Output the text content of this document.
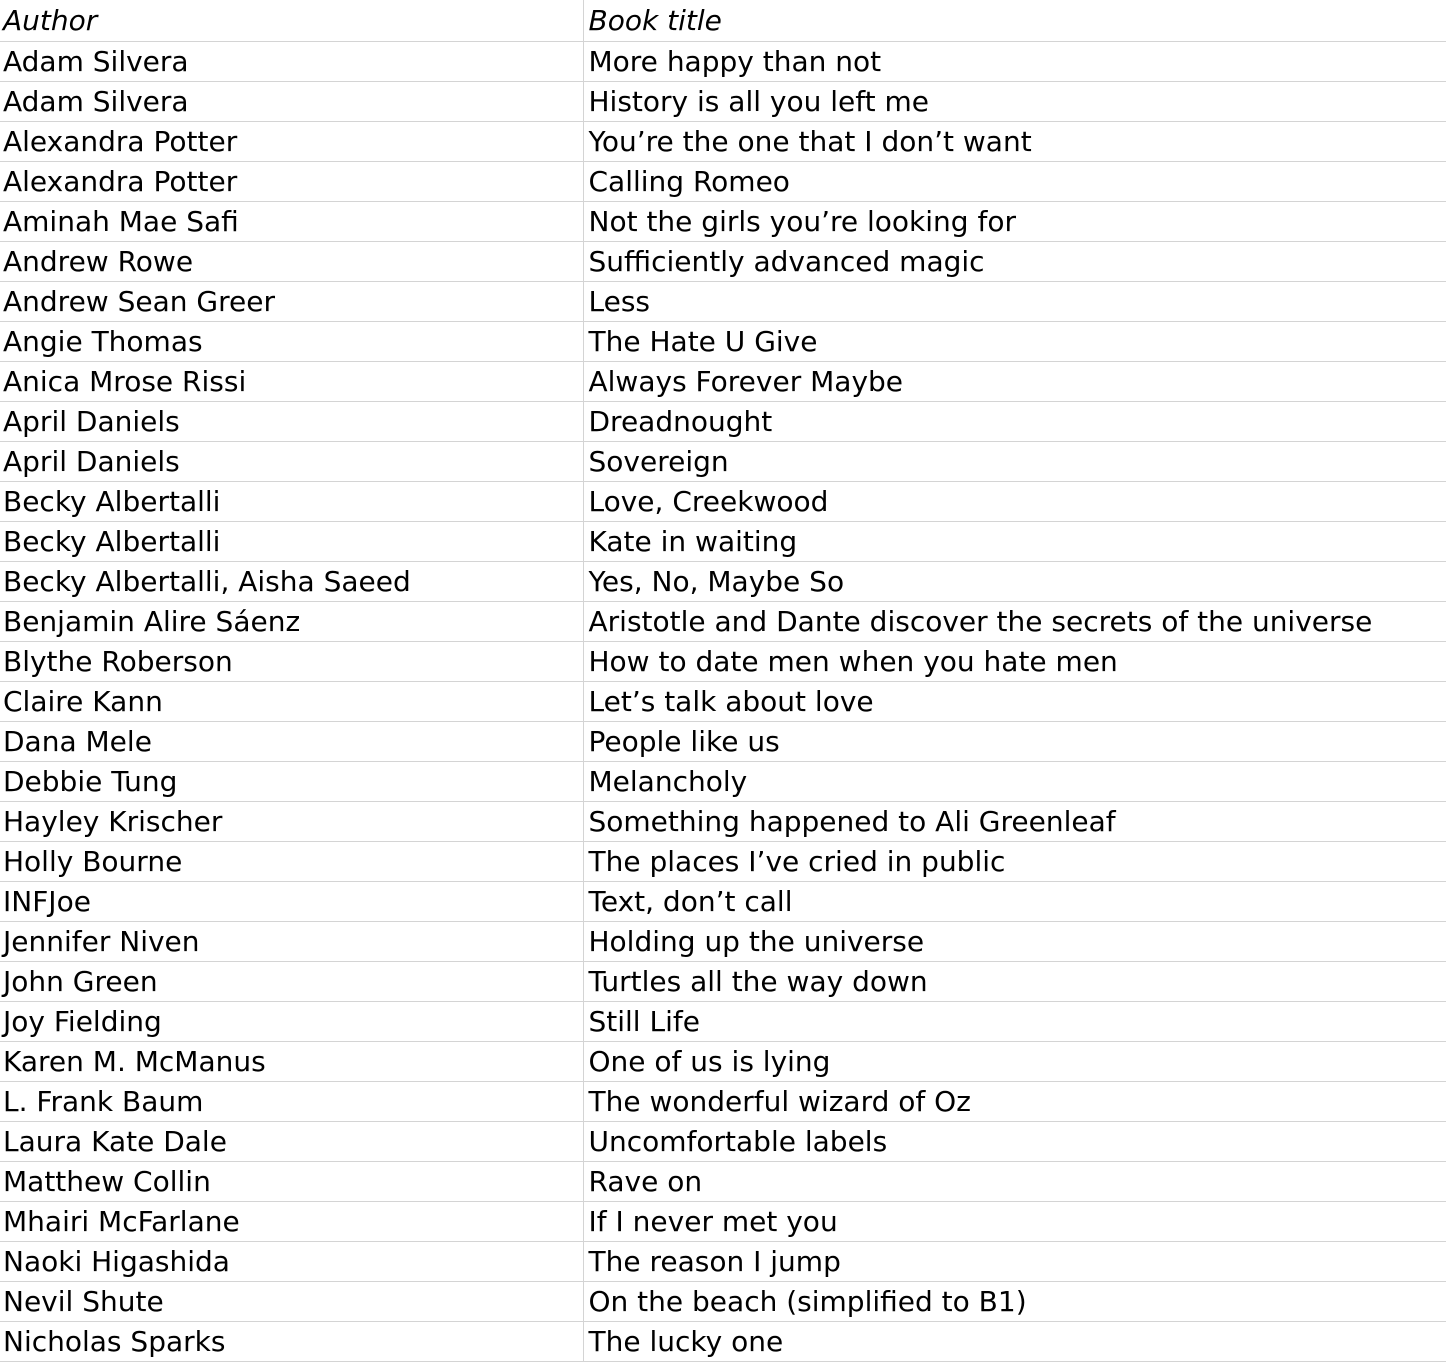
Author	Book title
Adam Silvera	More happy than not
Adam Silvera	History is all you left me
Alexandra Potter	You’re the one that I don’t want
Alexandra Potter	Calling Romeo
Aminah Mae Safi	Not the girls you’re looking for
Andrew Rowe	Sufficiently advanced magic
Andrew Sean Greer	Less
Angie Thomas	The Hate U Give
Anica Mrose Rissi	Always Forever Maybe
April Daniels	Dreadnought
April Daniels	Sovereign
Becky Albertalli	Love, Creekwood
Becky Albertalli	Kate in waiting
Becky Albertalli, Aisha Saeed	Yes, No, Maybe So
Benjamin Alire Sáenz	Aristotle and Dante discover the secrets of the universe
Blythe Roberson	How to date men when you hate men
Claire Kann	Let’s talk about love
Dana Mele	People like us
Debbie Tung	Melancholy
Hayley Krischer	Something happened to Ali Greenleaf
Holly Bourne	The places I’ve cried in public
INFJoe	Text, don’t call
Jennifer Niven	Holding up the universe
John Green	Turtles all the way down
Joy Fielding	Still Life
Karen M. McManus	One of us is lying
L. Frank Baum	The wonderful wizard of Oz
Laura Kate Dale	Uncomfortable labels
Matthew Collin	Rave on
Mhairi McFarlane	If I never met you
Naoki Higashida	The reason I jump
Nevil Shute	On the beach (simplified to B1)
Nicholas Sparks	The lucky one
